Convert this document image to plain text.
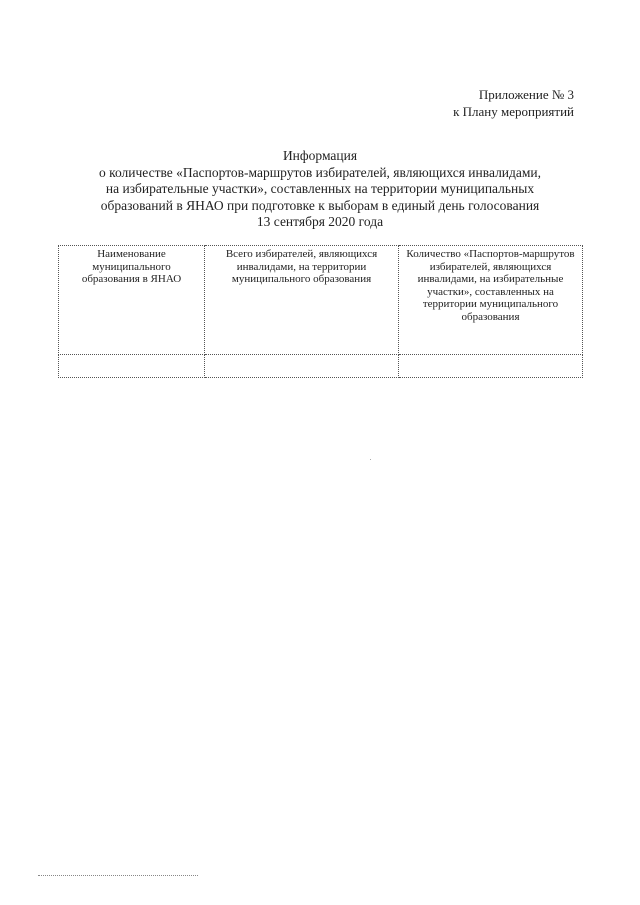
Приложение № 3
к Плану мероприятий
Информация
о количестве «Паспортов-маршрутов избирателей, являющихся инвалидами,
на избирательные участки», составленных на территории муниципальных
образований в ЯНАО при подготовке к выборам в единый день голосования
13 сентября 2020 года
Наименование муниципального образования в ЯНАО	Всего избирателей, являющихся инвалидами, на территории муниципального образования	Количество «Паспортов-маршрутов избирателей, являющихся инвалидами, на избирательные участки», составленных на территории муниципального образования
